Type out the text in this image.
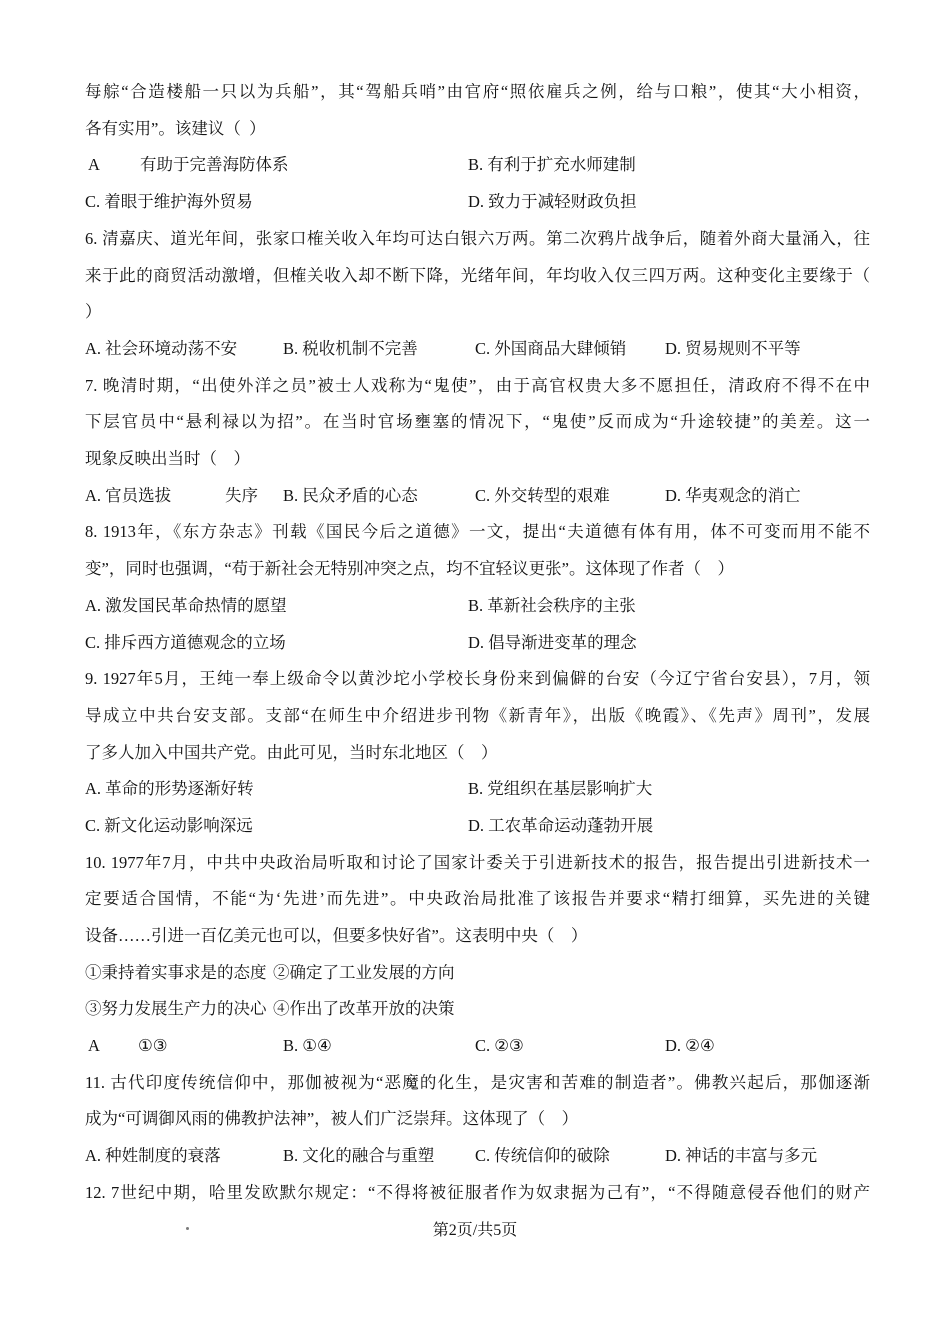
每䑸“合造楼船一只以为兵船”，其“驾船兵哨”由官府“照依雇兵之例，给与口粮”，使其“大小相资，
各有实用”。该建议（  ）
A 有助于完善海防体系	B. 有利于扩充水师建制
C. 着眼于维护海外贸易	D. 致力于减轻财政负担
6. 清嘉庆、道光年间，张家口榷关收入年均可达白银六万两。第二次鸦片战争后，随着外商大量涌入，往
来于此的商贸活动激增，但榷关收入却不断下降，光绪年间，年均收入仅三四万两。这种变化主要缘于（
）
A. 社会环境动荡不安	B. 税收机制不完善	C. 外国商品大肆倾销 D. 贸易规则不平等
7. 晚清时期，“出使外洋之员”被士人戏称为“鬼使”，由于高官权贵大多不愿担任，清政府不得不在中
下层官员中“悬利禄以为招”。在当时官场壅塞的情况下，“鬼使”反而成为“升途较捷”的美差。这一
现象反映出当时（    ）
A. 官员选拔	失序 B. 民众矛盾的心态	C. 外交转型的艰难	D. 华夷观念的消亡
8. 1913年，《东方杂志》刊载《国民今后之道德》一文，提出“夫道德有体有用，体不可变而用不能不
变”，同时也强调，“苟于新社会无特别冲突之点，均不宜轻议更张”。这体现了作者（    ）
A. 激发国民革命热情的愿望	B. 革新社会秩序的主张
C. 排斥西方道德观念的立场	D. 倡导渐进变革的理念
9. 1927年5月，王纯一奉上级命令以黄沙坨小学校长身份来到偏僻的台安（今辽宁省台安县），7月，领
导成立中共台安支部。支部“在师生中介绍进步刊物《新青年》，出版《晚霞》、《先声》周刊”，发展
了多人加入中国共产党。由此可见，当时东北地区（    ）
A. 革命的形势逐渐好转	B. 党组织在基层影响扩大
C. 新文化运动影响深远	D. 工农革命运动蓬勃开展
10. 1977年7月，中共中央政治局听取和讨论了国家计委关于引进新技术的报告，报告提出引进新技术一
定要适合国情，不能“为‘先进’而先进”。中央政治局批准了该报告并要求“精打细算，买先进的关键
设备……引进一百亿美元也可以，但要多快好省”。这表明中央（    ）
①秉持着实事求是的态度 ②确定了工业发展的方向
③努力发展生产力的决心 ④作出了改革开放的决策
A ①③	B. ①④	C. ②③	D. ②④
11. 古代印度传统信仰中，那伽被视为“恶魔的化生，是灾害和苦难的制造者”。佛教兴起后，那伽逐渐
成为“可调御风雨的佛教护法神”，被人们广泛崇拜。这体现了（    ）
A. 种姓制度的衰落	B. 文化的融合与重塑 C. 传统信仰的破除	D. 神话的丰富与多元
12. 7世纪中期，哈里发欧默尔规定：“不得将被征服者作为奴隶据为己有”，“不得随意侵吞他们的财产
第2页/共5页
